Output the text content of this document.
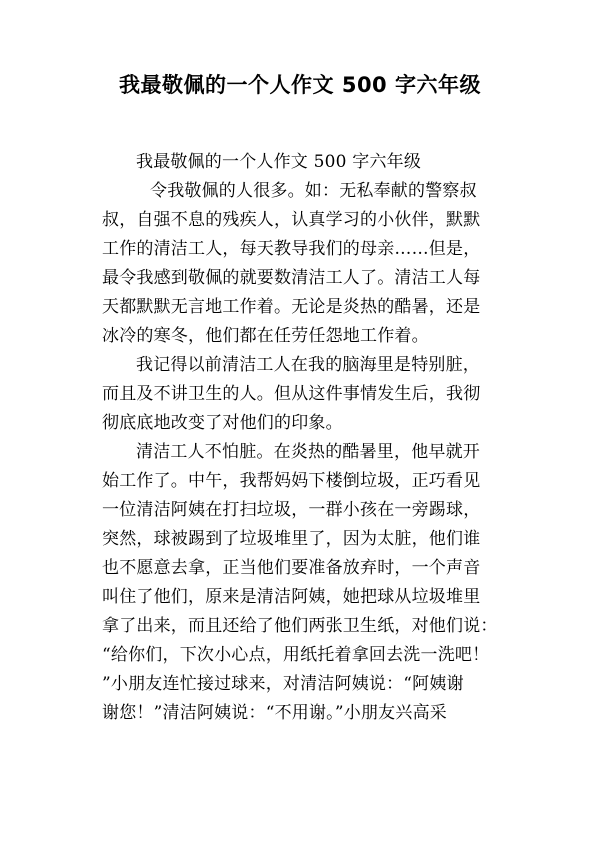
我最敬佩的一个人作文 500 字六年级
我最敬佩的一个人作文 500 字六年级
令我敬佩的人很多。如：无私奉献的警察叔
叔，自强不息的残疾人，认真学习的小伙伴，默默
工作的清洁工人，每天教导我们的母亲……但是，
最令我感到敬佩的就要数清洁工人了。清洁工人每
天都默默无言地工作着。无论是炎热的酷暑，还是
冰冷的寒冬，他们都在任劳任怨地工作着。
我记得以前清洁工人在我的脑海里是特别脏，
而且及不讲卫生的人。但从这件事情发生后，我彻
彻底底地改变了对他们的印象。
清洁工人不怕脏。在炎热的酷暑里，他早就开
始工作了。中午，我帮妈妈下楼倒垃圾，正巧看见
一位清洁阿姨在打扫垃圾，一群小孩在一旁踢球，
突然，球被踢到了垃圾堆里了，因为太脏，他们谁
也不愿意去拿，正当他们要准备放弃时，一个声音
叫住了他们，原来是清洁阿姨，她把球从垃圾堆里
拿了出来，而且还给了他们两张卫生纸，对他们说：
“给你们，下次小心点，用纸托着拿回去洗一洗吧！
”小朋友连忙接过球来，对清洁阿姨说：“阿姨谢
谢您！”清洁阿姨说：“不用谢。”小朋友兴高采
